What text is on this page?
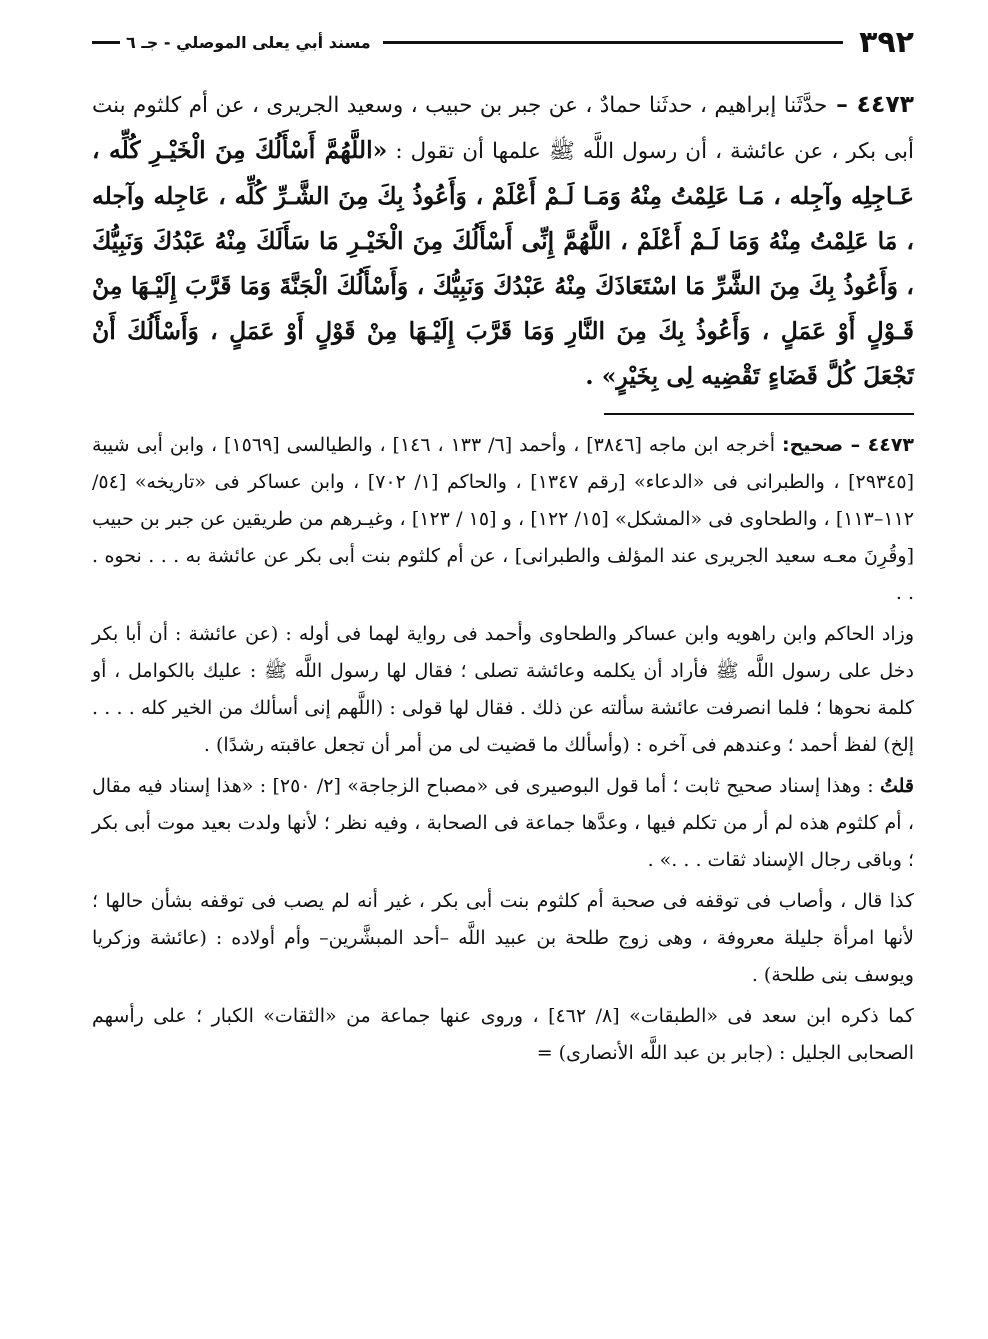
٣٩٢
مسند أبي يعلى الموصلي - جـ ٦
٤٤٧٣ – حدَّثَنا إبراهيم ، حدثَنا حمادٌ ، عن جبر بن حبيب ، وسعيد الجريرى ، عن أم كلثوم بنت أبى بكر ، عن عائشة ، أن رسول اللَّه ﷺ علمها أن تقول : «اللَّهُمَّ أَسْأَلُكَ مِنَ الْخَيْـرِ كُلِّه ، عَـاجِلِه وآجِله ، مَـا عَلِمْتُ مِنْهُ وَمَـا لَـمْ أَعْلَمْ ، وَأَعُوذُ بِكَ مِنَ الشَّـرِّ كُلِّه ، عَاجِله وآجله ، مَا عَلِمْتُ مِنْهُ وَمَا لَـمْ أَعْلَمْ ، اللَّهُمَّ إِنِّى أَسْأَلُكَ مِنَ الْخَيْـرِ مَا سَأَلَكَ مِنْهُ عَبْدُكَ وَنَبِيُّكَ ، وَأَعُوذُ بِكَ مِنَ الشَّرِّ مَا اسْتَعَاذَكَ مِنْهُ عَبْدُكَ وَنَبِيُّكَ ، وَأَسْأَلُكَ الْجَنَّةَ وَمَا قَرَّبَ إِلَيْـهَا مِنْ قَـوْلٍ أَوْ عَمَلٍ ، وَأَعُوذُ بِكَ مِنَ النَّارِ وَمَا قَرَّبَ إِلَيْـهَا مِنْ قَوْلٍ أَوْ عَمَلٍ ، وَأَسْأَلُكَ أَنْ تَجْعَلَ كُلَّ قَضَاءٍ تَقْضِيه لِى بِخَيْرٍ» .

٤٤٧٣ – صحيح: أخرجه ابن ماجه [٣٨٤٦] ، وأحمد [٦/ ١٣٣ ، ١٤٦] ، والطيالسى [١٥٦٩] ، وابن أبى شيبة [٢٩٣٤٥] ، والطبرانى فى «الدعاء» [رقم ١٣٤٧] ، والحاكم [١/ ٧٠٢] ، وابن عساكر فى «تاريخه» [٥٤/ ١١٢–١١٣] ، والطحاوى فى «المشكل» [١٥/ ١٢٢] ، و [١٥ / ١٢٣] ، وغيـرهم من طريقين عن جبر بن حبيب [وقُرِنَ معـه سعيد الجريرى عند المؤلف والطبرانى] ، عن أم كلثوم بنت أبى بكر عن عائشة به . . . نحوه . . .

وزاد الحاكم وابن راهويه وابن عساكر والطحاوى وأحمد فى رواية لهما فى أوله : (عن عائشة : أن أبا بكر دخل على رسول اللَّه ﷺ فأراد أن يكلمه وعائشة تصلى ؛ فقال لها رسول اللَّه ﷺ : عليك بالكوامل ، أو كلمة نحوها ؛ فلما انصرفت عائشة سألته عن ذلك . فقال لها قولى : (اللَّهم إنى أسألك من الخير كله . . . . إلخ) لفظ أحمد ؛ وعندهم فى آخره : (وأسألك ما قضيت لى من أمر أن تجعل عاقبته رشدًا) .

قلتُ : وهذا إسناد صحيح ثابت ؛ أما قول البوصيرى فى «مصباح الزجاجة» [٢/ ٢٥٠] : «هذا إسناد فيه مقال ، أم كلثوم هذه لم أر من تكلم فيها ، وعدَّها جماعة فى الصحابة ، وفيه نظر ؛ لأنها ولدت بعيد موت أبى بكر ؛ وباقى رجال الإسناد ثقات . . .» .

كذا قال ، وأصاب فى توقفه فى صحبة أم كلثوم بنت أبى بكر ، غير أنه لم يصب فى توقفه بشأن حالها ؛ لأنها امرأة جليلة معروفة ، وهى زوج طلحة بن عبيد اللَّه –أحد المبشَّرين– وأم أولاده : (عائشة وزكريا ويوسف بنى طلحة) .

كما ذكره ابن سعد فى «الطبقات» [٨/ ٤٦٢] ، وروى عنها جماعة من «الثقات» الكبار ؛ على رأسهم الصحابى الجليل : (جابر بن عبد اللَّه الأنصارى) =
